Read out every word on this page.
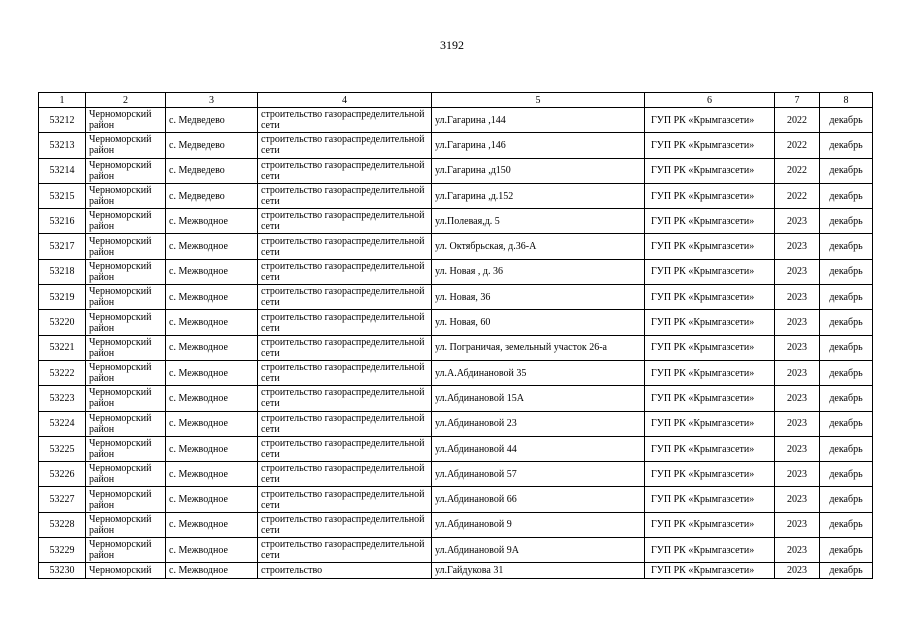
3192
1	2	3	4	5	6	7	8
53212	Черноморский район	с. Медведево	строительство газораспределительной сети	ул.Гагарина ,144	ГУП РК «Крымгазсети»	2022	декабрь
53213	Черноморский район	с. Медведево	строительство газораспределительной сети	ул.Гагарина ,146	ГУП РК «Крымгазсети»	2022	декабрь
53214	Черноморский район	с. Медведево	строительство газораспределительной сети	ул.Гагарина ,д150	ГУП РК «Крымгазсети»	2022	декабрь
53215	Черноморский район	с. Медведево	строительство газораспределительной сети	ул.Гагарина ,д.152	ГУП РК «Крымгазсети»	2022	декабрь
53216	Черноморский район	с. Межводное	строительство газораспределительной сети	ул.Полевая,д. 5	ГУП РК «Крымгазсети»	2023	декабрь
53217	Черноморский район	с. Межводное	строительство газораспределительной сети	ул. Октябрьская, д.36-А	ГУП РК «Крымгазсети»	2023	декабрь
53218	Черноморский район	с. Межводное	строительство газораспределительной сети	ул. Новая , д. 36	ГУП РК «Крымгазсети»	2023	декабрь
53219	Черноморский район	с. Межводное	строительство газораспределительной сети	ул. Новая, 36	ГУП РК «Крымгазсети»	2023	декабрь
53220	Черноморский район	с. Межводное	строительство газораспределительной сети	ул. Новая, 60	ГУП РК «Крымгазсети»	2023	декабрь
53221	Черноморский район	с. Межводное	строительство газораспределительной сети	ул. Пограничая, земельный участок 26-а	ГУП РК «Крымгазсети»	2023	декабрь
53222	Черноморский район	с. Межводное	строительство газораспределительной сети	ул.А.Абдинановой 35	ГУП РК «Крымгазсети»	2023	декабрь
53223	Черноморский район	с. Межводное	строительство газораспределительной сети	ул.Абдинановой 15А	ГУП РК «Крымгазсети»	2023	декабрь
53224	Черноморский район	с. Межводное	строительство газораспределительной сети	ул.Абдинановой 23	ГУП РК «Крымгазсети»	2023	декабрь
53225	Черноморский район	с. Межводное	строительство газораспределительной сети	ул.Абдинановой 44	ГУП РК «Крымгазсети»	2023	декабрь
53226	Черноморский район	с. Межводное	строительство газораспределительной сети	ул.Абдинановой 57	ГУП РК «Крымгазсети»	2023	декабрь
53227	Черноморский район	с. Межводное	строительство газораспределительной сети	ул.Абдинановой 66	ГУП РК «Крымгазсети»	2023	декабрь
53228	Черноморский район	с. Межводное	строительство газораспределительной сети	ул.Абдинановой 9	ГУП РК «Крымгазсети»	2023	декабрь
53229	Черноморский район	с. Межводное	строительство газораспределительной сети	ул.Абдинановой 9А	ГУП РК «Крымгазсети»	2023	декабрь
53230	Черноморский	с. Межводное	строительство	ул.Гайдукова 31	ГУП РК «Крымгазсети»	2023	декабрь
